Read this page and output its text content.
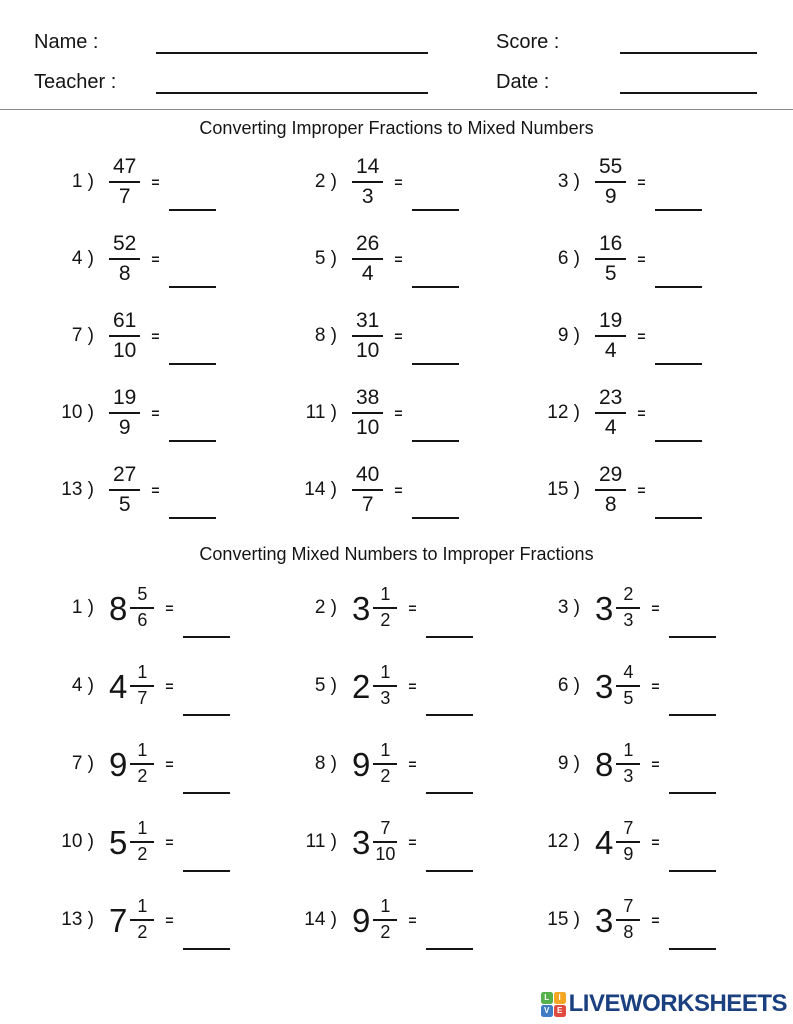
Name :	Score :
Teacher :	Date :
Converting Improper Fractions to Mixed Numbers
1 ) $\frac{47}{7}$ =	2 ) $\frac{14}{3}$ =	3 ) $\frac{55}{9}$ =
4 ) $\frac{52}{8}$ =	5 ) $\frac{26}{4}$ =	6 ) $\frac{16}{5}$ =
7 ) $\frac{61}{10}$ =	8 ) $\frac{31}{10}$ =	9 ) $\frac{19}{4}$ =
10 ) $\frac{19}{9}$ =	11 ) $\frac{38}{10}$ =	12 ) $\frac{23}{4}$ =
13 ) $\frac{27}{5}$ =	14 ) $\frac{40}{7}$ =	15 ) $\frac{29}{8}$ =
Converting Mixed Numbers to Improper Fractions
1 ) $8 \frac{5}{6}$ =	2 ) $3 \frac{1}{2}$ =	3 ) $3 \frac{2}{3}$ =
4 ) $4 \frac{1}{7}$ =	5 ) $2 \frac{1}{3}$ =	6 ) $3 \frac{4}{5}$ =
7 ) $9 \frac{1}{2}$ =	8 ) $9 \frac{1}{2}$ =	9 ) $8 \frac{1}{3}$ =
10 ) $5 \frac{1}{2}$ =	11 ) $3 \frac{7}{10}$ =	12 ) $4 \frac{7}{9}$ =
13 ) $7 \frac{1}{2}$ =	14 ) $9 \frac{1}{2}$ =	15 ) $3 \frac{7}{8}$ =
L	I
V E LIVEWORKSHEETS
